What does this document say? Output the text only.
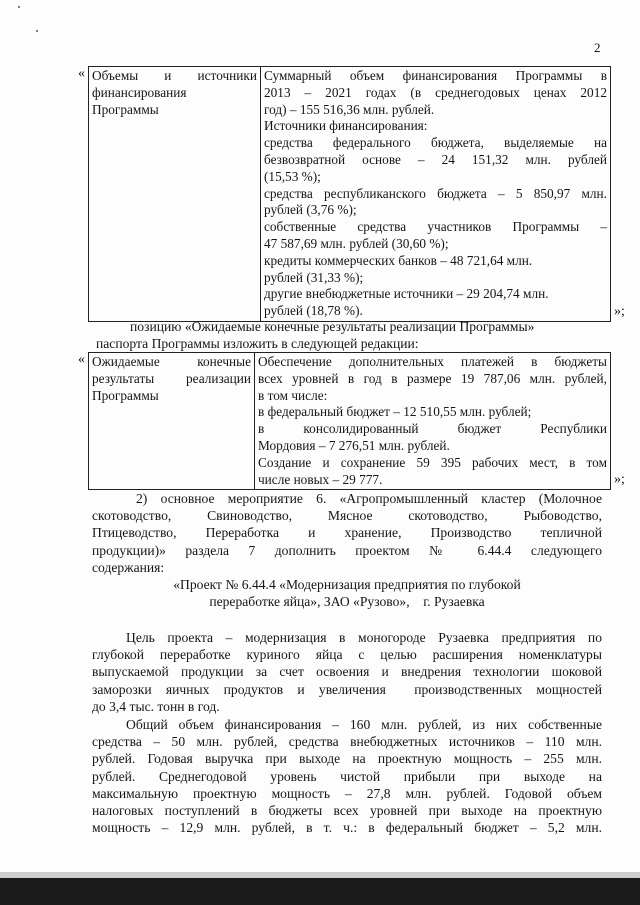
2
« Объемы и источники
финансирования
Программы

Суммарный объем финансирования Программы в
2013 – 2021 годах (в среднегодовых ценах 2012
год) – 155 516,36 млн. рублей.
Источники финансирования:
средства федерального бюджета, выделяемые на
безвозвратной основе – 24 151,32 млн. рублей
(15,53 %);
средства республиканского бюджета – 5 850,97 млн.
рублей (3,76 %);
собственные средства участников Программы –
47 587,69 млн. рублей (30,60 %);
кредиты коммерческих банков – 48 721,64 млн.
рублей (31,33 %);
другие внебюджетные источники – 29 204,74 млн.
рублей (18,78 %).	»;
позицию «Ожидаемые конечные результаты реализации Программы»
паспорта Программы изложить в следующей редакции:
« Ожидаемые конечные
результаты реализации
Программы

Обеспечение дополнительных платежей в бюджеты
всех уровней в год в размере 19 787,06 млн. рублей,
в том числе:
в федеральный бюджет – 12 510,55 млн. рублей;
в консолидированный бюджет Республики
Мордовия – 7 276,51 млн. рублей.
Создание и сохранение 59 395 рабочих мест, в том
числе новых – 29 777.	»;
2) основное мероприятие 6. «Агропромышленный кластер (Молочное
скотоводство, Свиноводство, Мясное скотоводство, Рыбоводство,
Птицеводство, Переработка и хранение, Производство тепличной
продукции)» раздела 7 дополнить проектом № 6.44.4 следующего
содержания:
«Проект № 6.44.4 «Модернизация предприятия по глубокой
переработке яйца», ЗАО «Рузово»,    г. Рузаевка
Цель проекта – модернизация в моногороде Рузаевка предприятия по
глубокой переработке куриного яйца с целью расширения номенклатуры
выпускаемой продукции за счет освоения и внедрения технологии шоковой
заморозки яичных продуктов и увеличения  производственных мощностей
до 3,4 тыс. тонн в год.
Общий объем финансирования – 160 млн. рублей, из них собственные
средства – 50 млн. рублей, средства внебюджетных источников – 110 млн.
рублей. Годовая выручка при выходе на проектную мощность – 255 млн.
рублей. Среднегодовой уровень чистой прибыли при выходе на
максимальную проектную мощность – 27,8 млн. рублей. Годовой объем
налоговых поступлений в бюджеты всех уровней при выходе на проектную
мощность – 12,9 млн. рублей, в т. ч.: в федеральный бюджет – 5,2 млн.
